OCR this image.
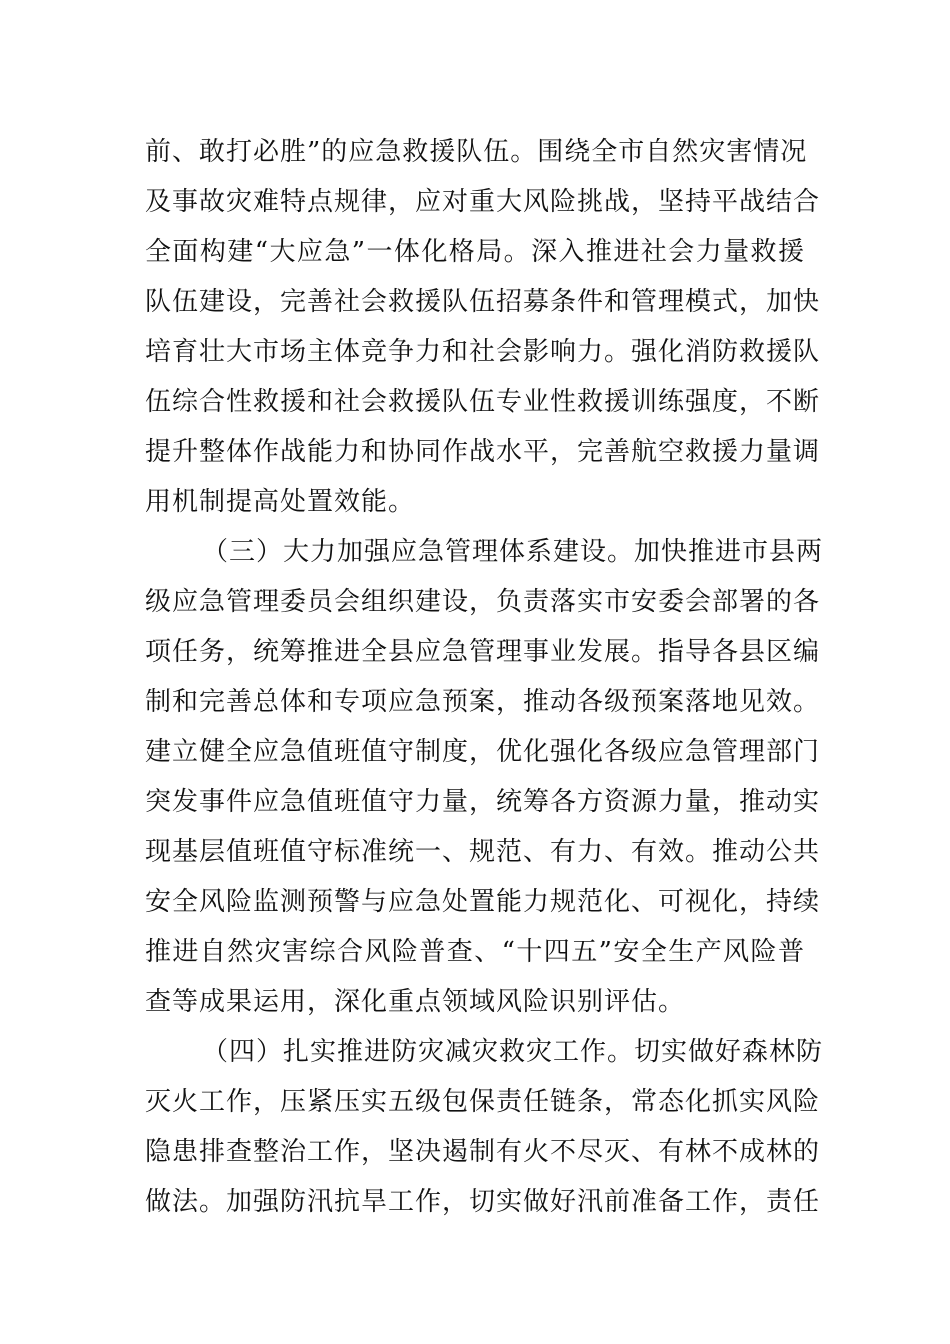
前、敢打必胜”的应急救援队伍。围绕全市自然灾害情况
及事故灾难特点规律，应对重大风险挑战，坚持平战结合
全面构建“大应急”一体化格局。深入推进社会力量救援
队伍建设，完善社会救援队伍招募条件和管理模式，加快
培育壮大市场主体竞争力和社会影响力。强化消防救援队
伍综合性救援和社会救援队伍专业性救援训练强度，不断
提升整体作战能力和协同作战水平，完善航空救援力量调
用机制提高处置效能。
（三）大力加强应急管理体系建设。加快推进市县两
级应急管理委员会组织建设，负责落实市安委会部署的各
项任务，统筹推进全县应急管理事业发展。指导各县区编
制和完善总体和专项应急预案，推动各级预案落地见效。
建立健全应急值班值守制度，优化强化各级应急管理部门
突发事件应急值班值守力量，统筹各方资源力量，推动实
现基层值班值守标准统一、规范、有力、有效。推动公共
安全风险监测预警与应急处置能力规范化、可视化，持续
推进自然灾害综合风险普查、“十四五”安全生产风险普
查等成果运用，深化重点领域风险识别评估。
（四）扎实推进防灾减灾救灾工作。切实做好森林防
灭火工作，压紧压实五级包保责任链条，常态化抓实风险
隐患排查整治工作，坚决遏制有火不尽灭、有林不成林的
做法。加强防汛抗旱工作，切实做好汛前准备工作，责任
